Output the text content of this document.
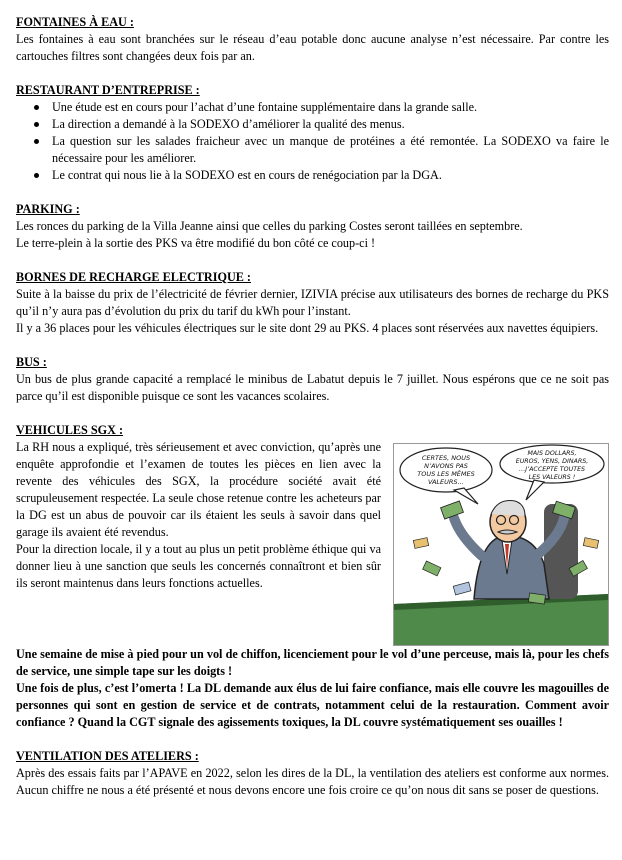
FONTAINES À EAU :

Les fontaines à eau sont branchées sur le réseau d’eau potable donc aucune analyse n’est nécessaire. Par contre les cartouches filtres sont changées deux fois par an.

RESTAURANT D’ENTREPRISE :
Une étude est en cours pour l’achat d’une fontaine supplémentaire dans la grande salle.
La direction a demandé à la SODEXO d’améliorer la qualité des menus.
La question sur les salades fraicheur avec un manque de protéines a été remontée. La SODEXO va faire le nécessaire pour les améliorer.
Le contrat qui nous lie à la SODEXO est en cours de renégociation par la DGA.
PARKING :

Les ronces du parking de la Villa Jeanne ainsi que celles du parking Costes seront taillées en septembre.

Le terre-plein à la sortie des PKS va être modifié du bon côté ce coup-ci !

BORNES DE RECHARGE ELECTRIQUE :

Suite à la baisse du prix de l’électricité de février dernier, IZIVIA précise aux utilisateurs des bornes de recharge du PKS qu’il n’y aura pas d’évolution du prix du tarif du kWh pour l’instant.

Il y a 36 places pour les véhicules électriques sur le site dont 29 au PKS. 4 places sont réservées aux navettes équipiers.

BUS :

Un bus de plus grande capacité a remplacé le minibus de Labatut depuis le 7 juillet. Nous espérons que ce ne soit pas parce qu’il est disponible puisque ce sont les vacances scolaires.

VEHICULES SGX :
CERTES, NOUS
N’AVONS PAS
TOUS LES MÊMES
VALEURS…
MAIS DOLLARS,
EUROS, YENS, DINARS,
…J’ACCEPTE TOUTES
LES VALEURS !

La RH nous a expliqué, très sérieusement et avec conviction, qu’après une enquête approfondie et l’examen de toutes les pièces en lien avec la revente des véhicules des SGX, la procédure société avait été scrupuleusement respectée. La seule chose retenue contre les acheteurs par la DG est un abus de pouvoir car ils étaient les seuls à savoir dans quel garage ils avaient été revendus.

Pour la direction locale, il y a tout au plus un petit problème éthique qui va donner lieu à une sanction que seuls les concernés connaîtront et bien sûr ils seront maintenus dans leurs fonctions actuelles.

Une semaine de mise à pied pour un vol de chiffon, licenciement pour le vol d’une perceuse, mais là, pour les chefs de service, une simple tape sur les doigts !

Une fois de plus, c’est l’omerta ! La DL demande aux élus de lui faire confiance, mais elle couvre les magouilles de personnes qui sont en gestion de service et de contrats, notamment celui de la restauration. Comment avoir confiance ? Quand la CGT signale des agissements toxiques, la DL couvre systématiquement ses ouailles !

VENTILATION DES ATELIERS :

Après des essais faits par l’APAVE en 2022, selon les dires de la DL, la ventilation des ateliers est conforme aux normes. Aucun chiffre ne nous a été présenté et nous devons encore une fois croire ce qu’on nous dit sans se poser de questions.
